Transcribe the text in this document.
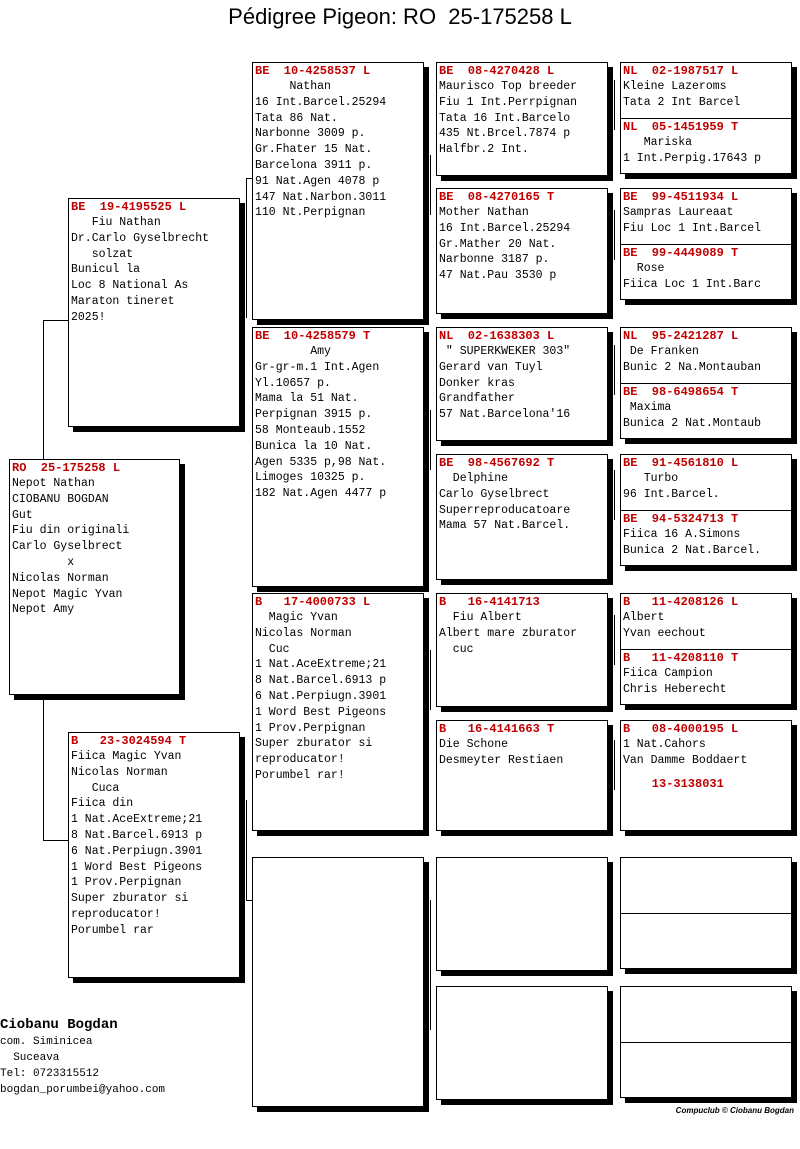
Pédigree Pigeon: RO  25-175258 L
RO  25-175258 L
Nepot Nathan
CIOBANU BOGDAN
Gut
Fiu din originali
Carlo Gyselbrect
x
Nicolas Norman
Nepot Magic Yvan
Nepot Amy
BE  19-4195525 L
Fiu Nathan
Dr.Carlo Gyselbrecht
solzat
Bunicul la
Loc 8 National As
Maraton tineret
2025!
B   23-3024594 T
Fiica Magic Yvan
Nicolas Norman
Cuca
Fiica din
1 Nat.AceExtreme;21
8 Nat.Barcel.6913 p
6 Nat.Perpiugn.3901
1 Word Best Pigeons
1 Prov.Perpignan
Super zburator si
reproducator!
Porumbel rar
BE  10-4258537 L
Nathan
16 Int.Barcel.25294
Tata 86 Nat.
Narbonne 3009 p.
Gr.Fhater 15 Nat.
Barcelona 3911 p.
91 Nat.Agen 4078 p
147 Nat.Narbon.3011
110 Nt.Perpignan
BE  10-4258579 T
Amy
Gr-gr-m.1 Int.Agen
Yl.10657 p.
Mama la 51 Nat.
Perpignan 3915 p.
58 Monteaub.1552
Bunica la 10 Nat.
Agen 5335 p,98 Nat.
Limoges 10325 p.
182 Nat.Agen 4477 p
B   17-4000733 L
Magic Yvan
Nicolas Norman
Cuc
1 Nat.AceExtreme;21
8 Nat.Barcel.6913 p
6 Nat.Perpiugn.3901
1 Word Best Pigeons
1 Prov.Perpignan
Super zburator si
reproducator!
Porumbel rar!
BE  08-4270428 L
Maurisco Top breeder
Fiu 1 Int.Perrpignan
Tata 16 Int.Barcelo
435 Nt.Brcel.7874 p
Halfbr.2 Int.
BE  08-4270165 T
Mother Nathan
16 Int.Barcel.25294
Gr.Mather 20 Nat.
Narbonne 3187 p.
47 Nat.Pau 3530 p
NL  02-1638303 L
" SUPERKWEKER 303"
Gerard van Tuyl
Donker kras
Grandfather
57 Nat.Barcelona'16
BE  98-4567692 T
Delphine
Carlo Gyselbrect
Superreproducatoare
Mama 57 Nat.Barcel.
B   16-4141713
Fiu Albert
Albert mare zburator
cuc
B   16-4141663 T
Die Schone
Desmeyter Restiaen
NL  02-1987517 L
Kleine Lazeroms
Tata 2 Int Barcel
NL  05-1451959 T
Mariska
1 Int.Perpig.17643 p
BE  99-4511934 L
Sampras Laureaat
Fiu Loc 1 Int.Barcel
BE  99-4449089 T
Rose
Fiica Loc 1 Int.Barc
NL  95-2421287 L
De Franken
Bunic 2 Na.Montauban
BE  98-6498654 T
Maxima
Bunica 2 Nat.Montaub
BE  91-4561810 L
Turbo
96 Int.Barcel.
BE  94-5324713 T
Fiica 16 A.Simons
Bunica 2 Nat.Barcel.
B   11-4208126 L
Albert
Yvan eechout
B   11-4208110 T
Fiica Campion
Chris Heberecht
B   08-4000195 L
1 Nat.Cahors
Van Damme Boddaert
13-3138031
Ciobanu Bogdan
com. Siminicea
Suceava
Tel: 0723315512
bogdan_porumbei@yahoo.com
Compuclub © Ciobanu Bogdan
